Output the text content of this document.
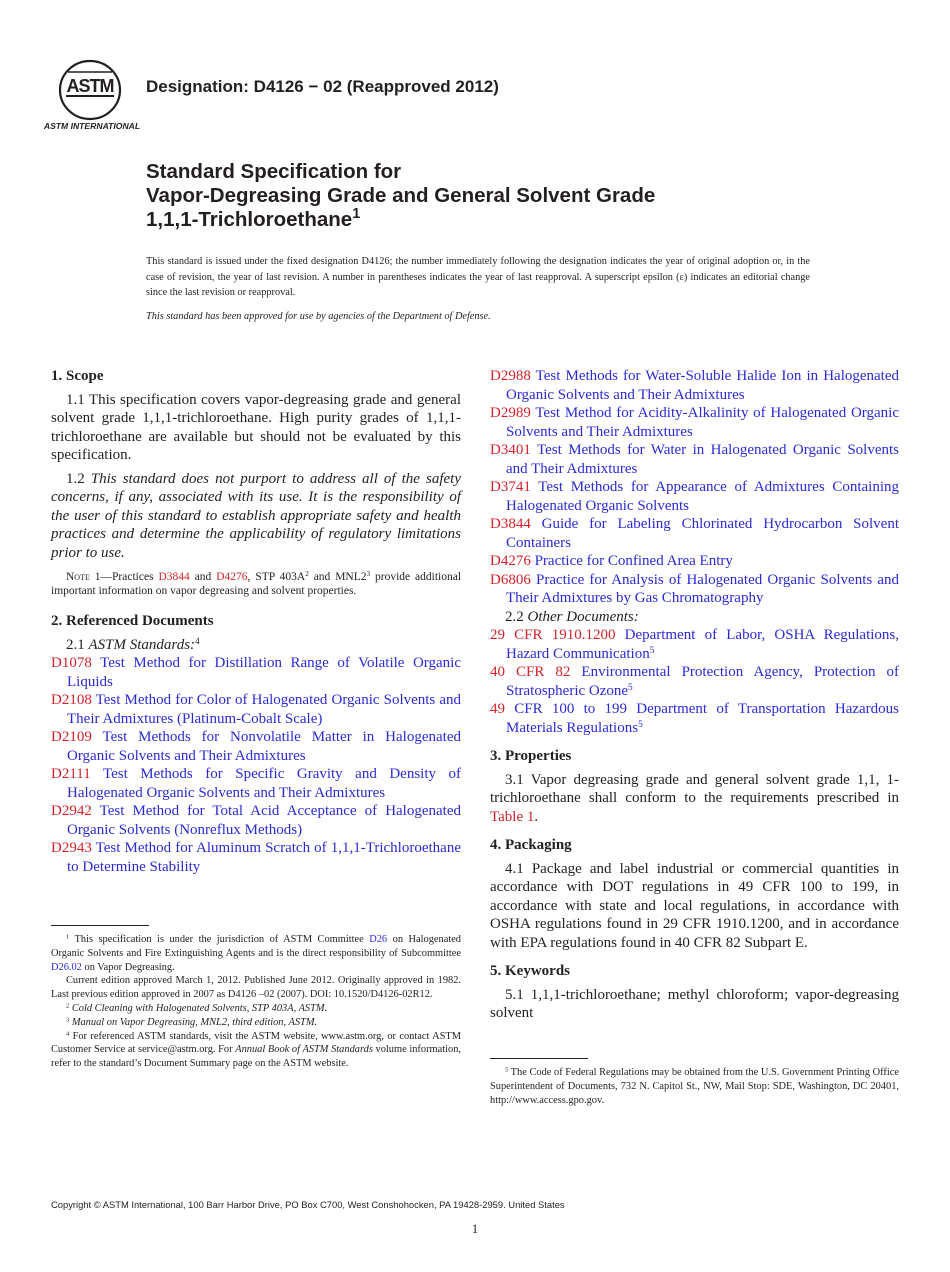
ASTM
ASTM INTERNATIONAL
Designation: D4126 − 02 (Reapproved 2012)
Standard Specification for
Vapor-Degreasing Grade and General Solvent Grade
1,1,1-Trichloroethane$^1$
This standard is issued under the fixed designation D4126; the number immediately following the designation indicates the year of original adoption or, in the case of revision, the year of last revision. A number in parentheses indicates the year of last reapproval. A superscript epsilon (ε) indicates an editorial change since the last revision or reapproval.
This standard has been approved for use by agencies of the Department of Defense.

1. Scope

1.1 This specification covers vapor-degreasing grade and general solvent grade 1,1,1-trichloroethane. High purity grades of 1,1,1-trichloroethane are available but should not be evaluated by this specification.

1.2 This standard does not purport to address all of the safety concerns, if any, associated with its use. It is the responsibility of the user of this standard to establish appropriate safety and health practices and determine the applicability of regulatory limitations prior to use.

Note 1—Practices D3844 and D4276, STP $403A^2$ and $MNL2^3$ provide additional important information on vapor degreasing and solvent properties.

2. Referenced Documents

2.1 ASTM Standards:$^4$

D1078 Test Method for Distillation Range of Volatile Organic Liquids

D2108 Test Method for Color of Halogenated Organic Solvents and Their Admixtures (Platinum-Cobalt Scale)

D2109 Test Methods for Nonvolatile Matter in Halogenated Organic Solvents and Their Admixtures

D2111 Test Methods for Specific Gravity and Density of Halogenated Organic Solvents and Their Admixtures

D2942 Test Method for Total Acid Acceptance of Halogenated Organic Solvents (Nonreflux Methods)

D2943 Test Method for Aluminum Scratch of 1,1,1-Trichloroethane to Determine Stability

D2988 Test Methods for Water-Soluble Halide Ion in Halogenated Organic Solvents and Their Admixtures

D2989 Test Method for Acidity-Alkalinity of Halogenated Organic Solvents and Their Admixtures

D3401 Test Methods for Water in Halogenated Organic Solvents and Their Admixtures

D3741 Test Methods for Appearance of Admixtures Containing Halogenated Organic Solvents

D3844 Guide for Labeling Chlorinated Hydrocarbon Solvent Containers

D4276 Practice for Confined Area Entry

D6806 Practice for Analysis of Halogenated Organic Solvents and Their Admixtures by Gas Chromatography

2.2 Other Documents:

29 CFR 1910.1200 Department of Labor, OSHA Regulations, Hazard Communication$^5$

40 CFR 82 Environmental Protection Agency, Protection of Stratospheric Ozone$^5$

49 CFR 100 to 199 Department of Transportation Hazardous Materials Regulations$^5$

3. Properties

3.1 Vapor degreasing grade and general solvent grade 1,1, 1-trichloroethane shall conform to the requirements prescribed in Table 1.

4. Packaging

4.1 Package and label industrial or commercial quantities in accordance with DOT regulations in 49 CFR 100 to 199, in accordance with state and local regulations, in accordance with OSHA regulations found in 29 CFR 1910.1200, and in accordance with EPA regulations found in 40 CFR 82 Subpart E.

5. Keywords

5.1 1,1,1-trichloroethane; methyl chloroform; vapor-degreasing solvent

$^1$ This specification is under the jurisdiction of ASTM Committee D26 on Halogenated Organic Solvents and Fire Extinguishing Agents and is the direct responsibility of Subcommittee D26.02 on Vapor Degreasing.

Current edition approved March 1, 2012. Published June 2012. Originally approved in 1982. Last previous edition approved in 2007 as D4126 –02 (2007). DOI: 10.1520/D4126-02R12.

$^2$ Cold Cleaning with Halogenated Solvents, STP 403A, ASTM.

$^3$ Manual on Vapor Degreasing, MNL2, third edition, ASTM.

$^4$ For referenced ASTM standards, visit the ASTM website, www.astm.org, or contact ASTM Customer Service at service@astm.org. For Annual Book of ASTM Standards volume information, refer to the standard’s Document Summary page on the ASTM website.

$^5$ The Code of Federal Regulations may be obtained from the U.S. Government Printing Office Superintendent of Documents, 732 N. Capitol St., NW, Mail Stop: SDE, Washington, DC 20401, http://www.access.gpo.gov.

Copyright © ASTM International, 100 Barr Harbor Drive, PO Box C700, West Conshohocken, PA 19428-2959. United States
1
